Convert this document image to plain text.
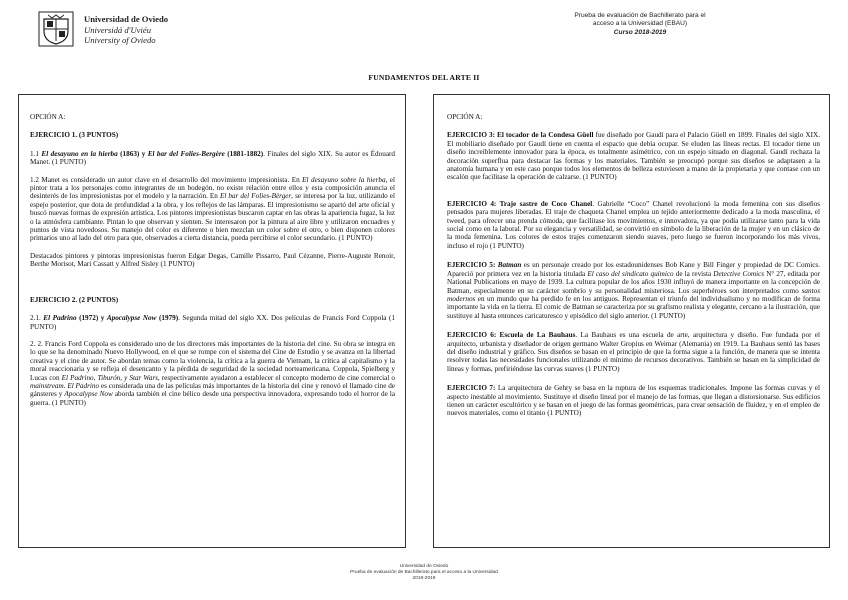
Universidad de Oviedo
Universidá d'Uviéu
University of Oviedo
Prueba de evaluación de Bachillerato para el
acceso a la Universidad (EBAU)
Curso 2018-2019
FUNDAMENTOS DEL ARTE II

OPCIÓN A:

EJERCICIO 1. (3 PUNTOS)

1.1 El desayuno en la hierba (1863) y El bar del Folies-Bergère (1881-1882). Finales del siglo XIX. Su autor es Édouard Manet. (1 PUNTO)

1.2 Manet es considerado un autor clave en el desarrollo del movimiento impresionista. En El desayuno sobre la hierba, el pintor trata a los personajes como integrantes de un bodegón, no existe relación entre ellos y esta composición anuncia el desinterés de los impresionistas por el modelo y la narración. En El bar del Folies-Bèrger, se interesa por la luz, utilizando el espejo posterior, que dota de profundidad a la obra, y los reflejos de las lámparas. El impresionismo se apartó del arte oficial y buscó nuevas formas de expresión artística. Los pintores impresionistas buscaron captar en las obras la apariencia fugaz, la luz o la atmósfera cambiante. Pintan lo que observan y sienten. Se interesaron por la pintura al aire libre y utilizaron encuadres y puntos de vista novedosos. Su manejo del color es diferente o bien mezclan un color sobre el otro, o bien disponen colores primarios uno al lado del otro para que, observados a cierta distancia, pueda percibirse el color secundario. (1 PUNTO)

Destacados pintores y pintoras impresionistas fueron Edgar Degas, Camille Pissarro, Paul Cézanne, Pierre-Auguste Renoir, Berthe Morisot, Mari Cassatt y Alfred Sisley (1 PUNTO)

EJERCICIO 2. (2 PUNTOS)

2.1. El Padrino (1972) y Apocalypse Now (1979). Segunda mitad del siglo XX. Dos películas de Francis Ford Coppola (1 PUNTO)

2. 2. Francis Ford Coppola es considerado uno de los directores más importantes de la historia del cine. Su obra se integra en lo que se ha denominado Nuevo Hollywood, en el que se rompe con el sistema del Cine de Estudio y se avanza en la libertad creativa y el cine de autor. Se abordan temas como la violencia, la crítica a la guerra de Vietnam, la crítica al capitalismo y la moral reaccionaria y se refleja el desencanto y la pérdida de seguridad de la sociedad norteamericana. Coppola, Spielberg y Lucas con El Padrino, Tiburón, y Star Wars, respectivamente ayudaron a establecer el concepto moderno de cine comercial o mainstream. El Padrino es considerada una de las películas más importantes de la historia del cine y renovó el llamado cine de gánsteres y Apocalypse Now aborda también el cine bélico desde una perspectiva innovadora, expresando todo el horror de la guerra. (1 PUNTO)

OPCIÓN A:

EJERCICIO 3: El tocador de la Condesa Güell fue diseñado por Gaudí para el Palacio Güell en 1899. Finales del siglo XIX. El mobiliario diseñado por Gaudí tiene en cuenta el espacio que debía ocupar. Se eluden las líneas rectas. El tocador tiene un diseño increíblemente innovador para la época, es totalmente asimétrico, con un espejo situado en diagonal. Gaudí rechaza la decoración superflua para destacar las formas y los materiales. También se preocupó porque sus diseños se adaptasen a la anatomía humana y en este caso porque todos los elementos de belleza estuviesen a mano de la propietaria y que contase con un escalón que facilitase la operación de calzarse. (1 PUNTO)

EJERCICIO 4: Traje sastre de Coco Chanel. Gabrielle “Coco” Chanel revolucionó la moda femenina con sus diseños pensados para mujeres liberadas. El traje de chaqueta Chanel emplea un tejido anteriormente dedicado a la moda masculina, el tweed, para ofrecer una prenda cómoda, que facilitase los movimientos, e innovadora, ya que podía utilizarse tanto para la vida social como en la laboral. Por su elegancia y versatilidad, se convirtió en símbolo de la liberación de la mujer y en un clásico de la moda femenina. Los colores de estos trajes comenzaron siendo suaves, pero luego se fueron incorporando los más vivos, incluso el rojo (1 PUNTO)

EJERCICIO 5: Batman es un personaje creado por los estadounidenses Bob Kane y Bill Finger y propiedad de DC Comics. Apareció por primera vez en la historia titulada El caso del sindicato químico de la revista Detective Comics N° 27, editada por National Publications en mayo de 1939. La cultura popular de los años 1930 influyó de manera importante en la concepción de Batman, especialmente en su carácter sombrío y su personalidad misteriosa. Los superhéroes son interpretados como santos modernos en un mundo que ha perdido fe en los antiguos. Representan el triunfo del individualismo y no modifican de forma importante la vida en la tierra. El comic de Batman se caracteriza por su grafismo realista y elegante, cercano a la ilustración, que sustituye al hasta entonces caricaturesco y episódico del siglo anterior. (1 PUNTO)

EJERCICIO 6: Escuela de La Bauhaus. La Bauhaus es una escuela de arte, arquitectura y diseño. Fue fundada por el arquitecto, urbanista y diseñador de origen germano Walter Gropius en Weimar (Alemania) en 1919. La Bauhaus sentó las bases del diseño industrial y gráfico. Sus diseños se basan en el principio de que la forma sigue a la función, de manera que se intenta resolver todas las necesidades funcionales utilizando el mínimo de recursos decorativos. También se basan en la simplicidad de líneas y formas, prefiriéndose las curvas suaves (1 PUNTO)

EJERCICIO 7: La arquitectura de Gehry se basa en la ruptura de los esquemas tradicionales. Impone las formas curvas y el aspecto inestable al movimiento. Sustituye el diseño lineal por el manejo de las formas, que llegan a distorsionarse. Sus edificios tienen un carácter escultórico y se basan en el juego de las formas geométricas, para crear sensación de fluidez, y en el empleo de nuevos materiales, como el titanio (1 PUNTO)

Universidad de Oviedo
Prueba de evaluación de Bachillerato para el acceso a la Universidad
2018-2019
